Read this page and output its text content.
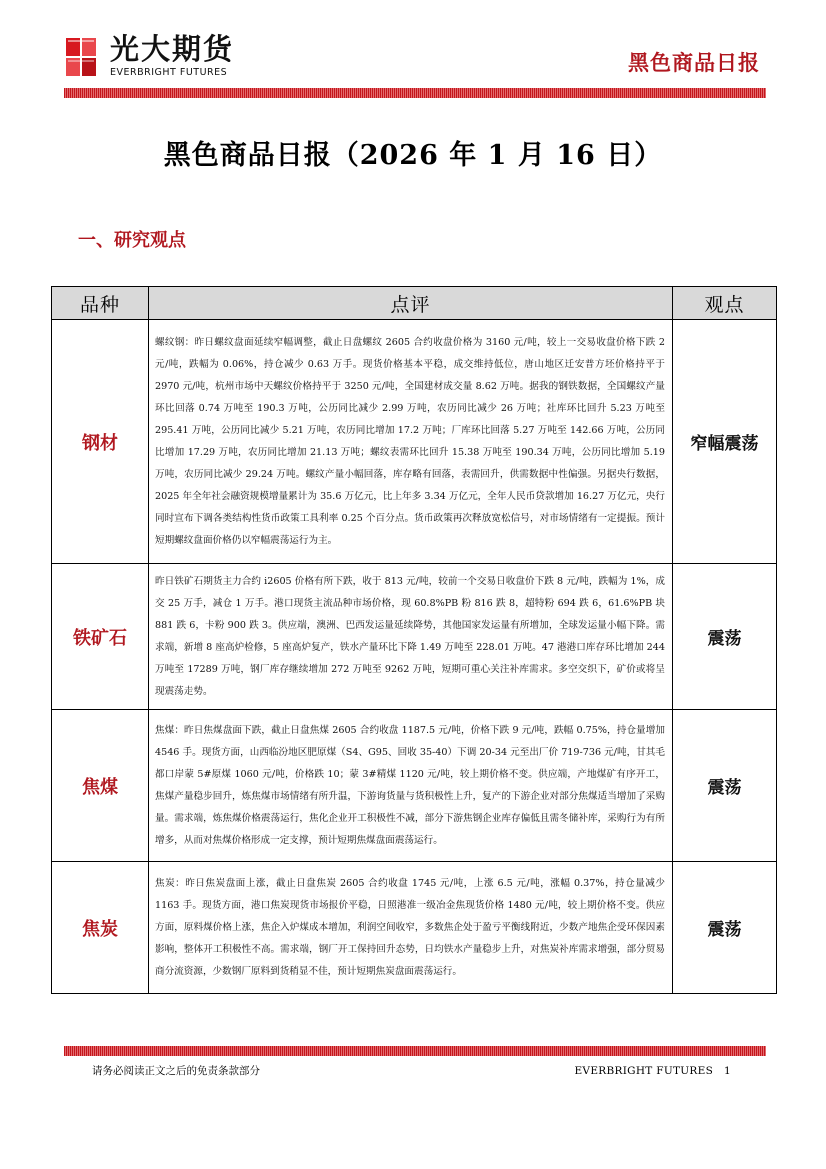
光大期货
EVERBRIGHT FUTURES	黑色商品日报
黑色商品日报（2026 年 1 月 16 日）
一、研究观点
品种	点评	观点
钢材	螺纹钢：昨日螺纹盘面延续窄幅调整，截止日盘螺纹 2605 合约收盘价格为 3160 元/吨，较上一交易收盘价格下跌 2 元/吨，跌幅为 0.06%，持仓减少 0.63 万手。现货价格基本平稳，成交维持低位，唐山地区迁安普方坯价格持平于 2970 元/吨，杭州市场中天螺纹价格持平于 3250 元/吨，全国建材成交量 8.62 万吨。据我的钢铁数据，全国螺纹产量环比回落 0.74 万吨至 190.3 万吨，公历同比减少 2.99 万吨，农历同比减少 26 万吨；社库环比回升 5.23 万吨至 295.41 万吨，公历同比减少 5.21 万吨，农历同比增加 17.2 万吨；厂库环比回落 5.27 万吨至 142.66 万吨，公历同比增加 17.29 万吨，农历同比增加 21.13 万吨；螺纹表需环比回升 15.38 万吨至 190.34 万吨，公历同比增加 5.19 万吨，农历同比减少 29.24 万吨。螺纹产量小幅回落，库存略有回落，表需回升，供需数据中性偏强。另据央行数据，2025 年全年社会融资规模增量累计为 35.6 万亿元，比上年多 3.34 万亿元，全年人民币贷款增加 16.27 万亿元，央行同时宣布下调各类结构性货币政策工具利率 0.25 个百分点。货币政策再次释放宽松信号，对市场情绪有一定提振。预计短期螺纹盘面价格仍以窄幅震荡运行为主。	窄幅震荡
铁矿石	昨日铁矿石期货主力合约 i2605 价格有所下跌，收于 813 元/吨，较前一个交易日收盘价下跌 8 元/吨，跌幅为 1%，成交 25 万手，减仓 1 万手。港口现货主流品种市场价格，现 60.8%PB 粉 816 跌 8，超特粉 694 跌 6，61.6%PB 块 881 跌 6，卡粉 900 跌 3。供应端，澳洲、巴西发运量延续降势，其他国家发运量有所增加，全球发运量小幅下降。需求端，新增 8 座高炉检修，5 座高炉复产，铁水产量环比下降 1.49 万吨至 228.01 万吨。47 港港口库存环比增加 244 万吨至 17289 万吨，钢厂库存继续增加 272 万吨至 9262 万吨，短期可重心关注补库需求。多空交织下，矿价或将呈现震荡走势。	震荡
焦煤	焦煤：昨日焦煤盘面下跌，截止日盘焦煤 2605 合约收盘 1187.5 元/吨，价格下跌 9 元/吨，跌幅 0.75%，持仓量增加 4546 手。现货方面，山西临汾地区肥原煤（S4、G95、回收 35-40）下调 20-34 元至出厂价 719-736 元/吨，甘其毛都口岸蒙 5#原煤 1060 元/吨，价格跌 10；蒙 3#精煤 1120 元/吨，较上期价格不变。供应端，产地煤矿有序开工，焦煤产量稳步回升，炼焦煤市场情绪有所升温，下游询货量与货积极性上升，复产的下游企业对部分焦煤适当增加了采购量。需求端，炼焦煤价格震荡运行，焦化企业开工积极性不减，部分下游焦钢企业库存偏低且需冬储补库，采购行为有所增多，从而对焦煤价格形成一定支撑，预计短期焦煤盘面震荡运行。	震荡
焦炭	焦炭：昨日焦炭盘面上涨，截止日盘焦炭 2605 合约收盘 1745 元/吨，上涨 6.5 元/吨，涨幅 0.37%，持仓量减少 1163 手。现货方面，港口焦炭现货市场报价平稳，日照港准一级冶金焦现货价格 1480 元/吨，较上期价格不变。供应方面，原料煤价格上涨，焦企入炉煤成本增加，利润空间收窄，多数焦企处于盈亏平衡线附近，少数产地焦企受环保因素影响，整体开工积极性不高。需求端，钢厂开工保持回升态势，日均铁水产量稳步上升，对焦炭补库需求增强，部分贸易商分流资源，少数钢厂原料到货稍显不佳，预计短期焦炭盘面震荡运行。	震荡
请务必阅读正文之后的免责条款部分	EVERBRIGHT FUTURES 1
